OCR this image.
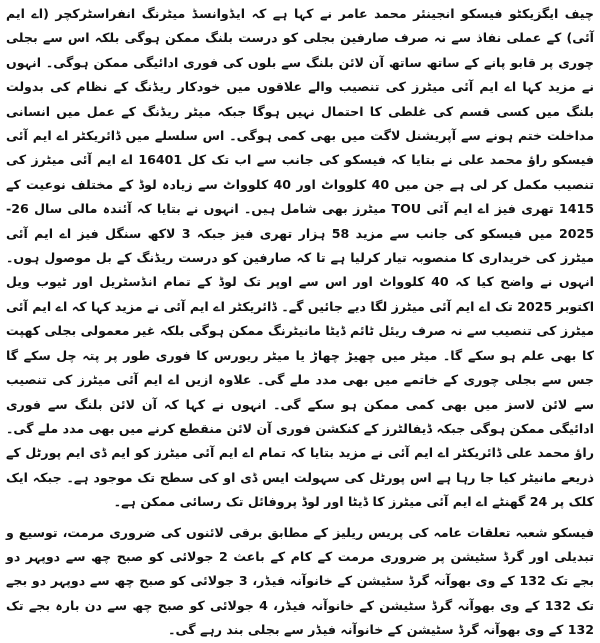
چیف ایگزیکٹو فیسکو انجینئر محمد عامر نے کہا ہے کہ ایڈوانسڈ میٹرنگ انفراسٹرکچر (اے ایم آئی) کے عملی نفاذ سے نہ صرف صارفین بجلی کو درست بلنگ ممکن ہوگی بلکہ اس سے بجلی چوری پر قابو پانے کے ساتھ ساتھ آن لائن بلنگ سے بلوں کی فوری ادائیگی ممکن ہوگی۔ انہوں نے مزید کہا اے ایم آئی میٹرز کی تنصیب والے علاقوں میں خودکار ریڈنگ کے نظام کی بدولت بلنگ میں کسی قسم کی غلطی کا احتمال نہیں ہوگا جبکہ میٹر ریڈنگ کے عمل میں انسانی مداخلت ختم ہونے سے آپریشنل لاگت میں بھی کمی ہوگی۔ اس سلسلے میں ڈائریکٹر اے ایم آئی فیسکو راؤ محمد علی نے بتایا کہ فیسکو کی جانب سے اب تک کل 16401 اے ایم آئی میٹرز کی تنصیب مکمل کر لی ہے جن میں 40 کلوواٹ اور 40 کلوواٹ سے زیادہ لوڈ کے مختلف نوعیت کے 1415 تھری فیز اے ایم آئی TOU میٹرز بھی شامل ہیں۔ انہوں نے بتایا کہ آئندہ مالی سال 26-2025 میں فیسکو کی جانب سے مزید 58 ہزار تھری فیز جبکہ 3 لاکھ سنگل فیز اے ایم آئی میٹرز کی خریداری کا منصوبہ تیار کرلیا ہے تا کہ صارفین کو درست ریڈنگ کے بل موصول ہوں۔ انہوں نے واضح کیا کہ 40 کلوواٹ اور اس سے اوپر تک لوڈ کے تمام انڈسٹریل اور ٹیوب ویل اکتوبر 2025 تک اے ایم آئی میٹرز لگا دیے جائیں گے۔ ڈائریکٹر اے ایم آئی نے مزید کہا کہ اے ایم آئی میٹرز کی تنصیب سے نہ صرف ریئل ٹائم ڈیٹا مانیٹرنگ ممکن ہوگی بلکہ غیر معمولی بجلی کھپت کا بھی علم ہو سکے گا۔ میٹر میں چھیڑ چھاڑ یا میٹر ریورس کا فوری طور پر پتہ چل سکے گا جس سے بجلی چوری کے خاتمے میں بھی مدد ملے گی۔ علاوہ ازیں اے ایم آئی میٹرز کی تنصیب سے لائن لاسز میں بھی کمی ممکن ہو سکے گی۔ انہوں نے کہا کہ آن لائن بلنگ سے فوری ادائیگی ممکن ہوگی جبکہ ڈیفالٹرز کے کنکشن فوری آن لائن منقطع کرنے میں بھی مدد ملے گی۔ راؤ محمد علی ڈائریکٹر اے ایم آئی نے مزید بتایا کہ تمام اے ایم آئی میٹرز کو ایم ڈی ایم پورٹل کے ذریعے مانیٹر کیا جا رہا ہے اس پورٹل کی سہولت ایس ڈی او کی سطح تک موجود ہے۔ جبکہ ایک کلک پر 24 گھنٹے اے ایم آئی میٹرز کا ڈیٹا اور لوڈ پروفائل تک رسائی ممکن ہے۔

فیسکو شعبہ تعلقات عامہ کی پریس ریلیز کے مطابق برقی لائنوں کی ضروری مرمت، توسیع و تبدیلی اور گرڈ سٹیشن پر ضروری مرمت کے کام کے باعث 2 جولائی کو صبح چھ سے دوپہر دو بجے تک 132 کے وی بھوآنہ گرڈ سٹیشن کے خانوآنہ فیڈر، 3 جولائی کو صبح چھ سے دوپہر دو بجے تک 132 کے وی بھوآنہ گرڈ سٹیشن کے خانوآنہ فیڈر، 4 جولائی کو صبح چھ سے دن بارہ بجے تک 132 کے وی بھوآنہ گرڈ سٹیشن کے خانوآنہ فیڈر سے بجلی بند رہے گی۔
